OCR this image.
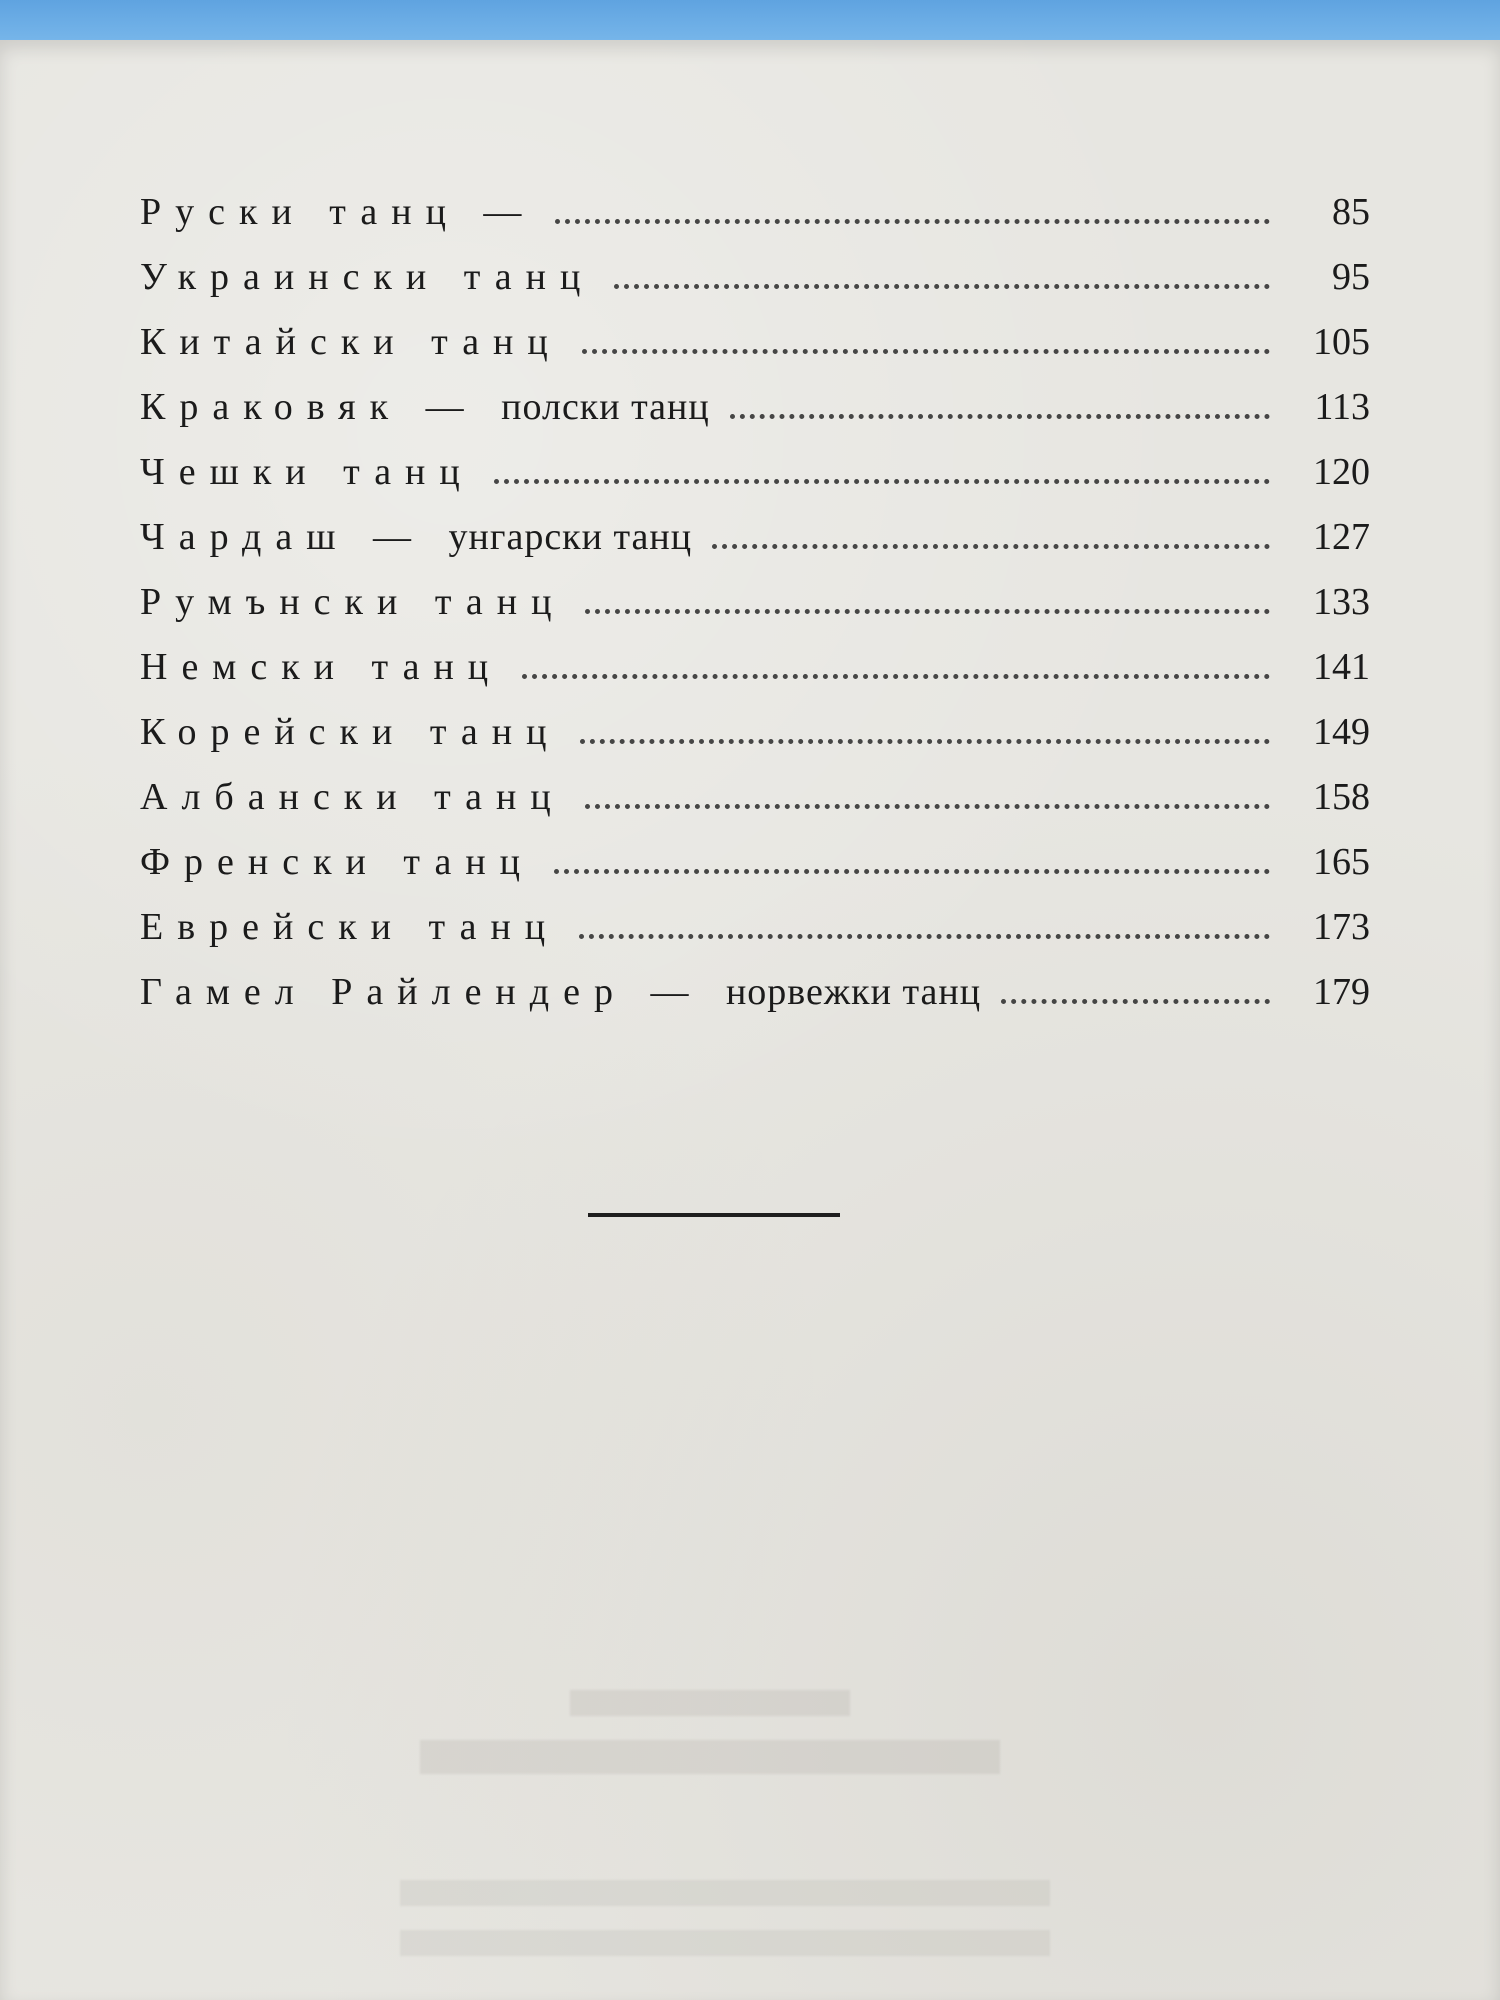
Руски танц —	85
Украински танц	95
Китайски танц	105
Краковяк — полски танц	113
Чешки танц	120
Чардаш — унгарски танц	127
Румънски танц	133
Немски танц	141
Корейски танц	149
Албански танц	158
Френски танц	165
Еврейски танц	173
Гамел Райлендер — норвежки танц	179
